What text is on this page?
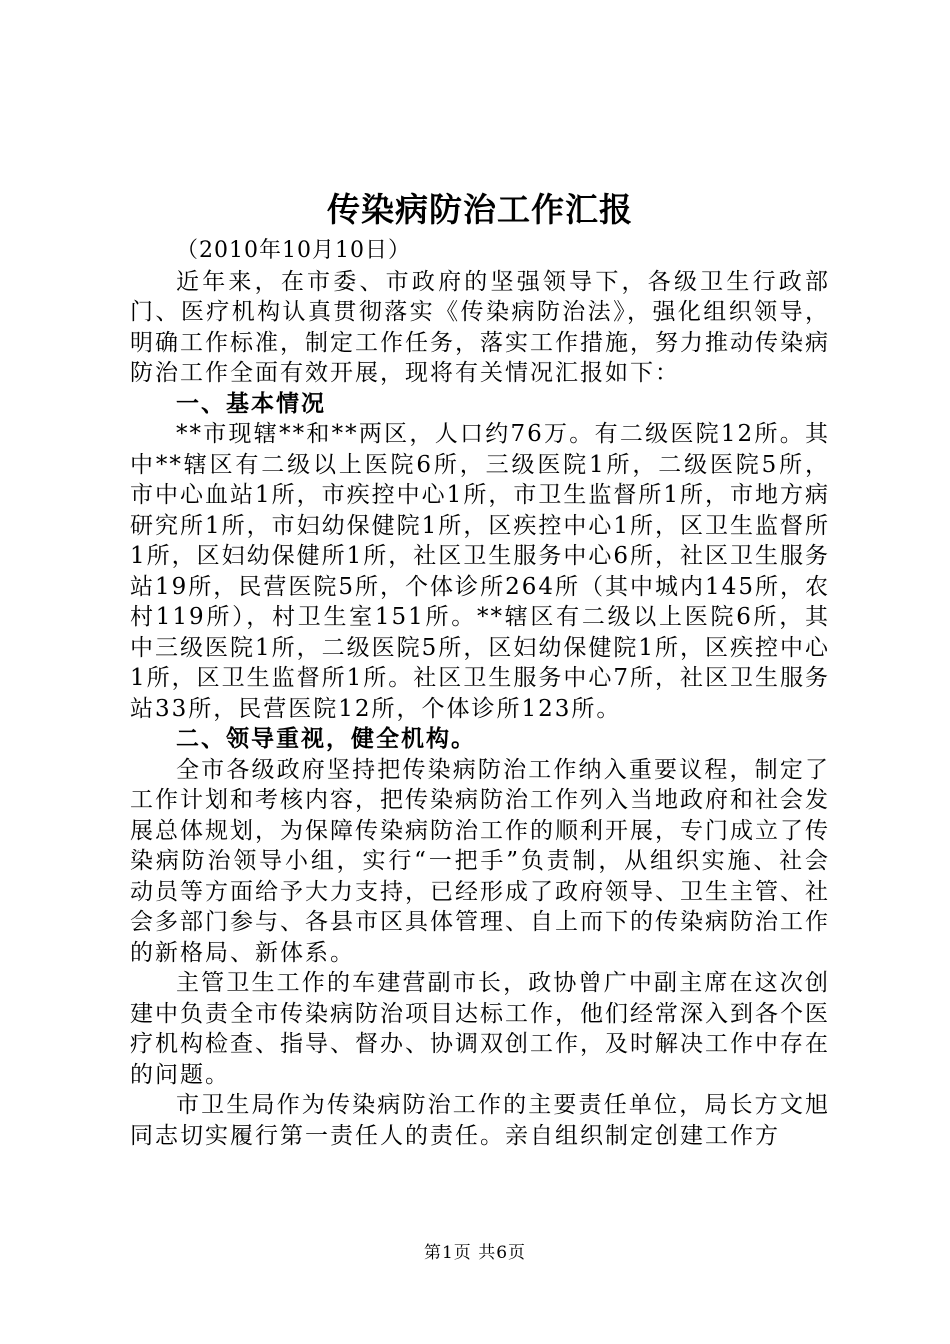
传染病防治工作汇报

（2010年10月10日）

近年来，在市委、市政府的坚强领导下，各级卫生行政部门、医疗机构认真贯彻落实《传染病防治法》，强化组织领导，明确工作标准，制定工作任务，落实工作措施，努力推动传染病防治工作全面有效开展，现将有关情况汇报如下：

一、基本情况

**市现辖**和**两区，人口约76万。有二级医院12所。其中**辖区有二级以上医院6所，三级医院1所，二级医院5所，市中心血站1所，市疾控中心1所，市卫生监督所1所，市地方病研究所1所，市妇幼保健院1所，区疾控中心1所，区卫生监督所1所，区妇幼保健所1所，社区卫生服务中心6所，社区卫生服务站19所，民营医院5所，个体诊所264所（其中城内145所，农村119所），村卫生室151所。**辖区有二级以上医院6所，其中三级医院1所，二级医院5所，区妇幼保健院1所，区疾控中心1所，区卫生监督所1所。社区卫生服务中心7所，社区卫生服务站33所，民营医院12所，个体诊所123所。

二、领导重视，健全机构。

全市各级政府坚持把传染病防治工作纳入重要议程，制定了工作计划和考核内容，把传染病防治工作列入当地政府和社会发展总体规划，为保障传染病防治工作的顺利开展，专门成立了传染病防治领导小组，实行“一把手”负责制，从组织实施、社会动员等方面给予大力支持，已经形成了政府领导、卫生主管、社会多部门参与、各县市区具体管理、自上而下的传染病防治工作的新格局、新体系。

主管卫生工作的车建营副市长，政协曾广中副主席在这次创建中负责全市传染病防治项目达标工作，他们经常深入到各个医疗机构检查、指导、督办、协调双创工作，及时解决工作中存在的问题。

市卫生局作为传染病防治工作的主要责任单位，局长方文旭同志切实履行第一责任人的责任。亲自组织制定创建工作方

第1页 共6页
